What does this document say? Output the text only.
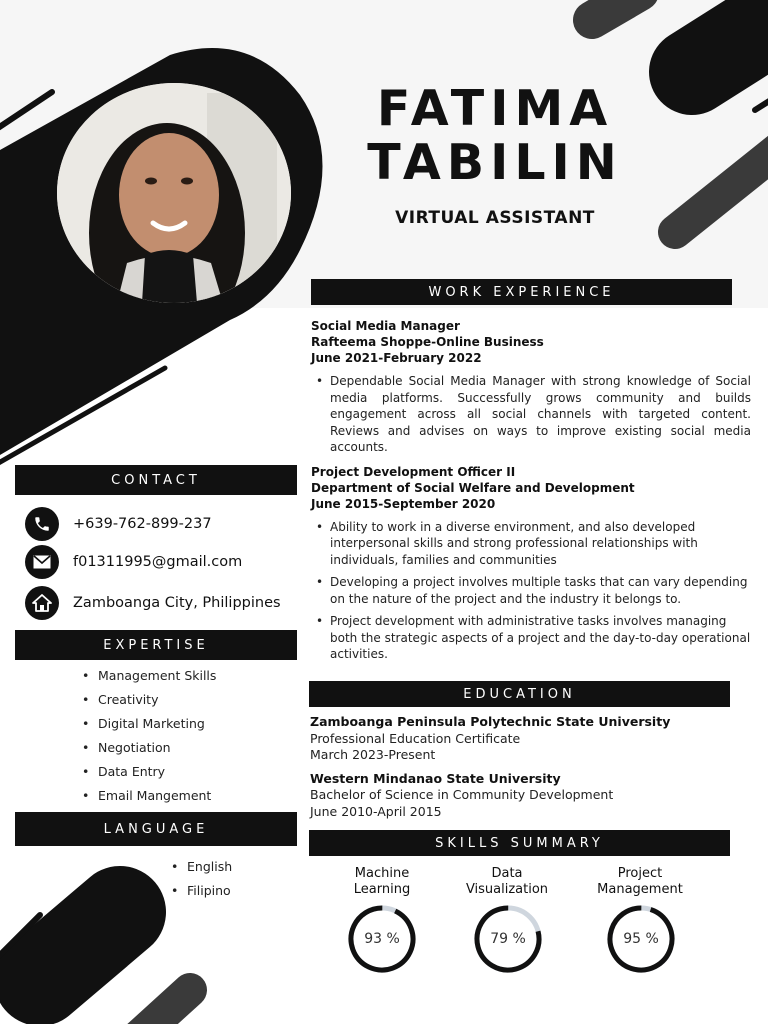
FATIMA
TABILIN
VIRTUAL ASSISTANT
WORK EXPERIENCE
Social Media Manager
Rafteema Shoppe-Online Business
June 2021-February 2022
• Dependable Social Media Manager with strong knowledge of Social media platforms. Successfully grows community and builds engagement across all social channels with targeted content. Reviews and advises on ways to improve existing social media accounts.
Project Development Officer II
Department of Social Welfare and Development
June 2015-September 2020
• Ability to work in a diverse environment, and also developed interpersonal skills and strong professional relationships with individuals, families and communities
• Developing a project involves multiple tasks that can vary depending on the nature of the project and the industry it belongs to.
• Project development with administrative tasks involves managing both the strategic aspects of a project and the day-to-day operational activities.
CONTACT
+639-762-899-237
f01311995@gmail.com
Zamboanga City, Philippines
EXPERTISE
• Management Skills
• Creativity
• Digital Marketing
• Negotiation
• Data Entry
• Email Mangement
LANGUAGE
• English
• Filipino
EDUCATION
Zamboanga Peninsula Polytechnic State University
Professional Education Certificate
March 2023-Present
Western Mindanao State University
Bachelor of Science in Community Development
June 2010-April 2015
SKILLS SUMMARY
Machine
Learning
Data
Visualization
Project
Management
93 %	79 %	95 %
